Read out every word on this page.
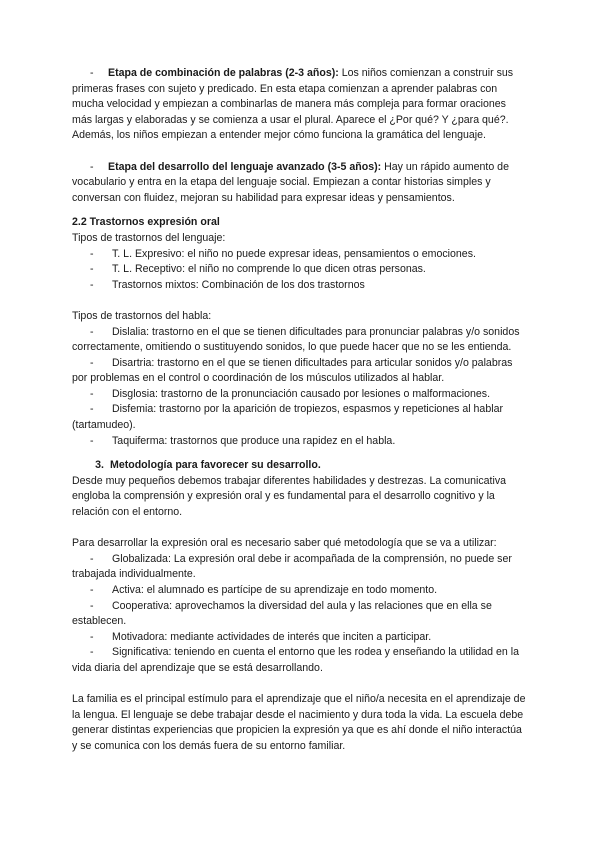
- Etapa de combinación de palabras (2-3 años): Los niños comienzan a construir sus primeras frases con sujeto y predicado. En esta etapa comienzan a aprender palabras con mucha velocidad y empiezan a combinarlas de manera más compleja para formar oraciones más largas y elaboradas y se comienza a usar el plural. Aparece el ¿Por qué? Y ¿para qué?. Además, los niños empiezan a entender mejor cómo funciona la gramática del lenguaje.

- Etapa del desarrollo del lenguaje avanzado (3-5 años): Hay un rápido aumento de vocabulario y entra en la etapa del lenguaje social. Empiezan a contar historias simples y conversan con fluidez, mejoran su habilidad para expresar ideas y pensamientos.

2.2 Trastornos expresión oral

Tipos de trastornos del lenguaje:

- T. L. Expresivo: el niño no puede expresar ideas, pensamientos o emociones.

- T. L. Receptivo: el niño no comprende lo que dicen otras personas.

- Trastornos mixtos: Combinación de los dos trastornos

Tipos de trastornos del habla:

- Dislalia: trastorno en el que se tienen dificultades para pronunciar palabras y/o sonidos correctamente, omitiendo o sustituyendo sonidos, lo que puede hacer que no se les entienda.

- Disartria: trastorno en el que se tienen dificultades para articular sonidos y/o palabras por problemas en el control o coordinación de los músculos utilizados al hablar.

- Disglosia: trastorno de la pronunciación causado por lesiones o malformaciones.

- Disfemia: trastorno por la aparición de tropiezos, espasmos y repeticiones al hablar (tartamudeo).

- Taquiferma: trastornos que produce una rapidez en el habla.

3. Metodología para favorecer su desarrollo.

Desde muy pequeños debemos trabajar diferentes habilidades y destrezas. La comunicativa engloba la comprensión y expresión oral y es fundamental para el desarrollo cognitivo y la relación con el entorno.

Para desarrollar la expresión oral es necesario saber qué metodología que se va a utilizar:

- Globalizada: La expresión oral debe ir acompañada de la comprensión, no puede ser trabajada individualmente.

- Activa: el alumnado es partícipe de su aprendizaje en todo momento.

- Cooperativa: aprovechamos la diversidad del aula y las relaciones que en ella se establecen.

- Motivadora: mediante actividades de interés que inciten a participar.

- Significativa: teniendo en cuenta el entorno que les rodea y enseñando la utilidad en la vida diaria del aprendizaje que se está desarrollando.

La familia es el principal estímulo para el aprendizaje que el niño/a necesita en el aprendizaje de la lengua. El lenguaje se debe trabajar desde el nacimiento y dura toda la vida. La escuela debe generar distintas experiencias que propicien la expresión ya que es ahí donde el niño interactúa y se comunica con los demás fuera de su entorno familiar.
